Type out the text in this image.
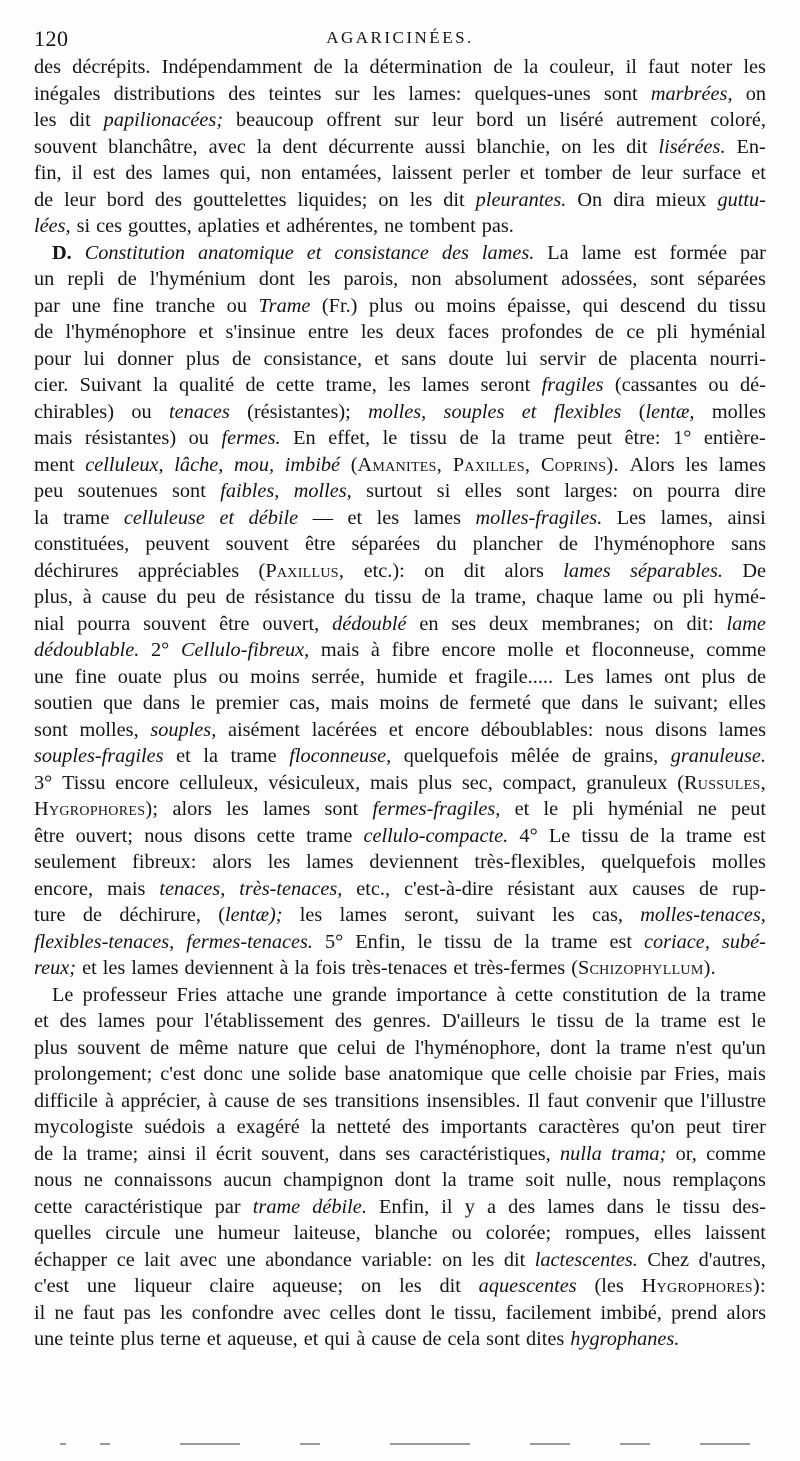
120	AGARICINÉES.
des décrépits. Indépendamment de la détermination de la couleur, il faut noter les
inégales distributions des teintes sur les lames: quelques-unes sont marbrées, on
les dit papilionacées; beaucoup offrent sur leur bord un liséré autrement coloré,
souvent blanchâtre, avec la dent décurrente aussi blanchie, on les dit lisérées. En-
fin, il est des lames qui, non entamées, laissent perler et tomber de leur surface et
de leur bord des gouttelettes liquides; on les dit pleurantes. On dira mieux guttu-
lées, si ces gouttes, aplaties et adhérentes, ne tombent pas.
D. Constitution anatomique et consistance des lames. La lame est formée par
un repli de l'hyménium dont les parois, non absolument adossées, sont séparées
par une fine tranche ou Trame (Fr.) plus ou moins épaisse, qui descend du tissu
de l'hyménophore et s'insinue entre les deux faces profondes de ce pli hyménial
pour lui donner plus de consistance, et sans doute lui servir de placenta nourri-
cier. Suivant la qualité de cette trame, les lames seront fragiles (cassantes ou dé-
chirables) ou tenaces (résistantes); molles, souples et flexibles (lentæ, molles
mais résistantes) ou fermes. En effet, le tissu de la trame peut être: 1° entière-
ment celluleux, lâche, mou, imbibé (Amanites, Paxilles, Coprins). Alors les lames
peu soutenues sont faibles, molles, surtout si elles sont larges: on pourra dire
la trame celluleuse et débile — et les lames molles-fragiles. Les lames, ainsi
constituées, peuvent souvent être séparées du plancher de l'hyménophore sans
déchirures appréciables (Paxillus, etc.): on dit alors lames séparables. De
plus, à cause du peu de résistance du tissu de la trame, chaque lame ou pli hymé-
nial pourra souvent être ouvert, dédoublé en ses deux membranes; on dit: lame
dédoublable. 2° Cellulo-fibreux, mais à fibre encore molle et floconneuse, comme
une fine ouate plus ou moins serrée, humide et fragile..... Les lames ont plus de
soutien que dans le premier cas, mais moins de fermeté que dans le suivant; elles
sont molles, souples, aisément lacérées et encore déboublables: nous disons lames
souples-fragiles et la trame floconneuse, quelquefois mêlée de grains, granuleuse.
3° Tissu encore celluleux, vésiculeux, mais plus sec, compact, granuleux (Russules,
Hygrophores); alors les lames sont fermes-fragiles, et le pli hyménial ne peut
être ouvert; nous disons cette trame cellulo-compacte. 4° Le tissu de la trame est
seulement fibreux: alors les lames deviennent très-flexibles, quelquefois molles
encore, mais tenaces, très-tenaces, etc., c'est-à-dire résistant aux causes de rup-
ture de déchirure, (lentæ); les lames seront, suivant les cas, molles-tenaces,
flexibles-tenaces, fermes-tenaces. 5° Enfin, le tissu de la trame est coriace, subé-
reux; et les lames deviennent à la fois très-tenaces et très-fermes (Schizophyllum).
Le professeur Fries attache une grande importance à cette constitution de la trame
et des lames pour l'établissement des genres. D'ailleurs le tissu de la trame est le
plus souvent de même nature que celui de l'hyménophore, dont la trame n'est qu'un
prolongement; c'est donc une solide base anatomique que celle choisie par Fries, mais
difficile à apprécier, à cause de ses transitions insensibles. Il faut convenir que l'illustre
mycologiste suédois a exagéré la netteté des importants caractères qu'on peut tirer
de la trame; ainsi il écrit souvent, dans ses caractéristiques, nulla trama; or, comme
nous ne connaissons aucun champignon dont la trame soit nulle, nous remplaçons
cette caractéristique par trame débile. Enfin, il y a des lames dans le tissu des-
quelles circule une humeur laiteuse, blanche ou colorée; rompues, elles laissent
échapper ce lait avec une abondance variable: on les dit lactescentes. Chez d'autres,
c'est une liqueur claire aqueuse; on les dit aquescentes (les Hygrophores):
il ne faut pas les confondre avec celles dont le tissu, facilement imbibé, prend alors
une teinte plus terne et aqueuse, et qui à cause de cela sont dites hygrophanes.
